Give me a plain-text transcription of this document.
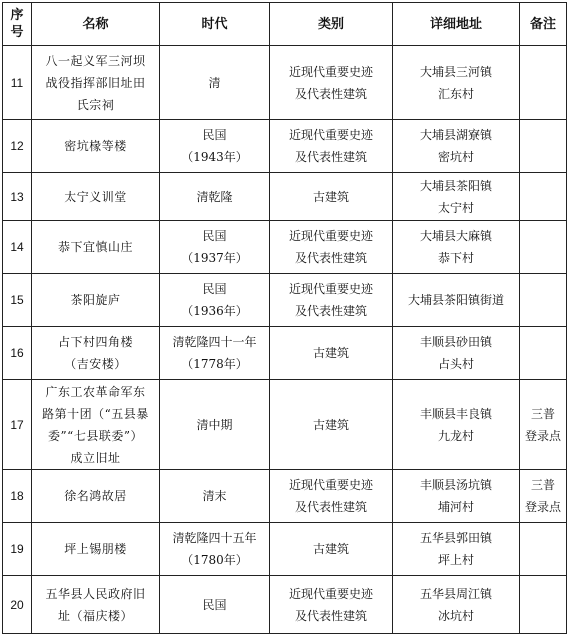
序
号	名称	时代	类别	详细地址	备注
11	八一起义军三河坝
战役指挥部旧址田
氏宗祠	清	近现代重要史迹
及代表性建筑	大埔县三河镇
汇东村	

12	密坑椽等楼	民国
（1943年）	近现代重要史迹
及代表性建筑	大埔县湖寮镇
密坑村	

13	太宁义训堂	清乾隆	古建筑	大埔县茶阳镇
太宁村	

14	恭下宜慎山庄	民国
（1937年）	近现代重要史迹
及代表性建筑	大埔县大麻镇
恭下村	

15	茶阳旋庐	民国
（1936年）	近现代重要史迹
及代表性建筑	大埔县茶阳镇街道	

16	占下村四角楼
（吉安楼）	清乾隆四十一年
（1778年）	古建筑	丰顺县砂田镇
占头村	

17	广东工农革命军东
路第十团（“五县暴
委”“七县联委”）
成立旧址	清中期	古建筑	丰顺县丰良镇
九龙村	三普
登录点

18	徐名鸿故居	清末	近现代重要史迹
及代表性建筑	丰顺县汤坑镇
埔河村	三普
登录点

19	坪上锡朋楼	清乾隆四十五年
（1780年）	古建筑	五华县郭田镇
坪上村	

20	五华县人民政府旧
址（福庆楼）	民国	近现代重要史迹
及代表性建筑	五华县周江镇
冰坑村	
